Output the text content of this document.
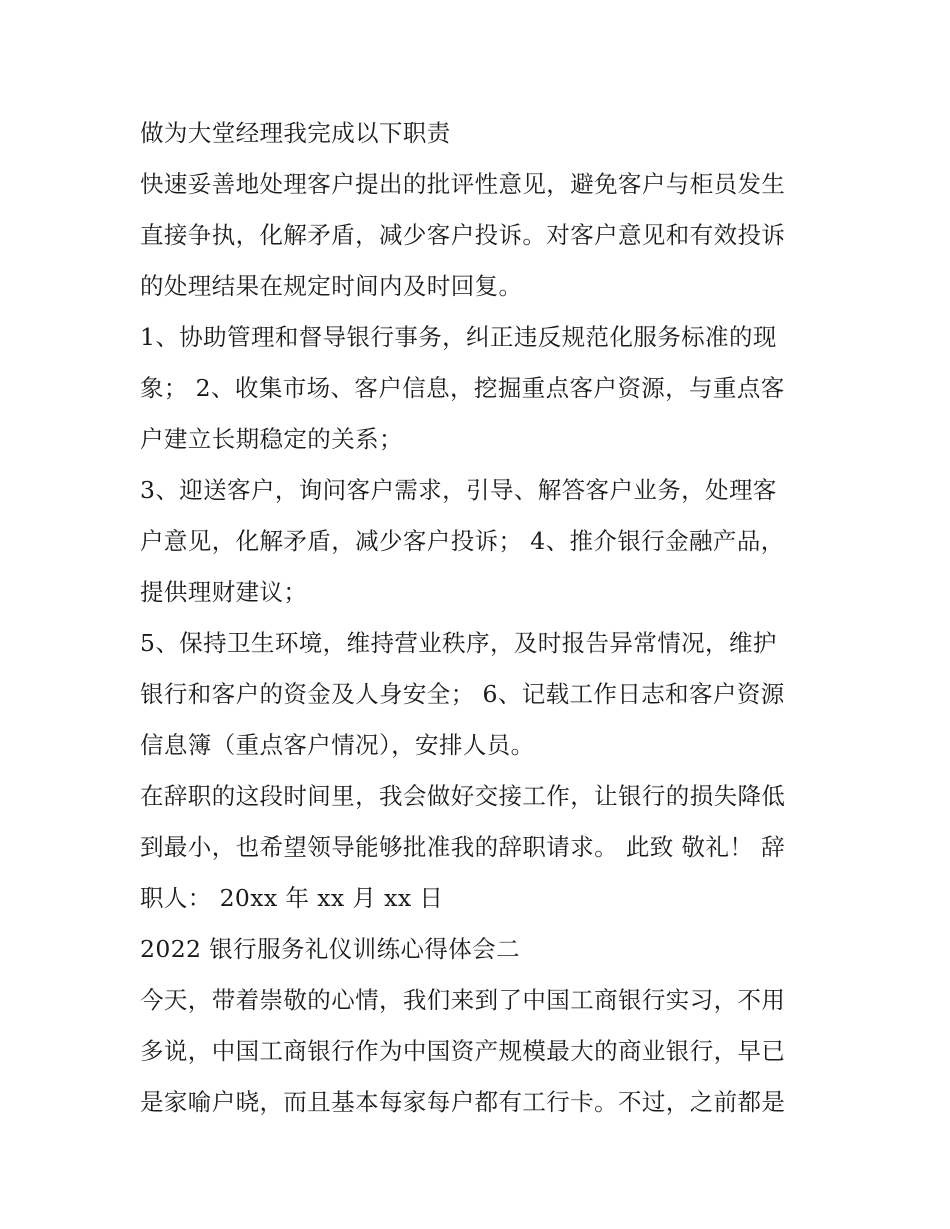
做为大堂经理我完成以下职责
快速妥善地处理客户提出的批评性意见，避免客户与柜员发生
直接争执，化解矛盾，减少客户投诉。对客户意见和有效投诉
的处理结果在规定时间内及时回复。
1、协助管理和督导银行事务，纠正违反规范化服务标准的现
象； 2、收集市场、客户信息，挖掘重点客户资源，与重点客
户建立长期稳定的关系；
3、迎送客户，询问客户需求，引导、解答客户业务，处理客
户意见，化解矛盾，减少客户投诉； 4、推介银行金融产品，
提供理财建议；
5、保持卫生环境，维持营业秩序，及时报告异常情况，维护
银行和客户的资金及人身安全； 6、记载工作日志和客户资源
信息簿（重点客户情况），安排人员。
在辞职的这段时间里，我会做好交接工作，让银行的损失降低
到最小，也希望领导能够批准我的辞职请求。 此致 敬礼！ 辞
职人： 20xx 年 xx 月 xx 日
2022 银行服务礼仪训练心得体会二
今天，带着崇敬的心情，我们来到了中国工商银行实习，不用
多说，中国工商银行作为中国资产规模最大的商业银行，早已
是家喻户晓，而且基本每家每户都有工行卡。不过，之前都是
